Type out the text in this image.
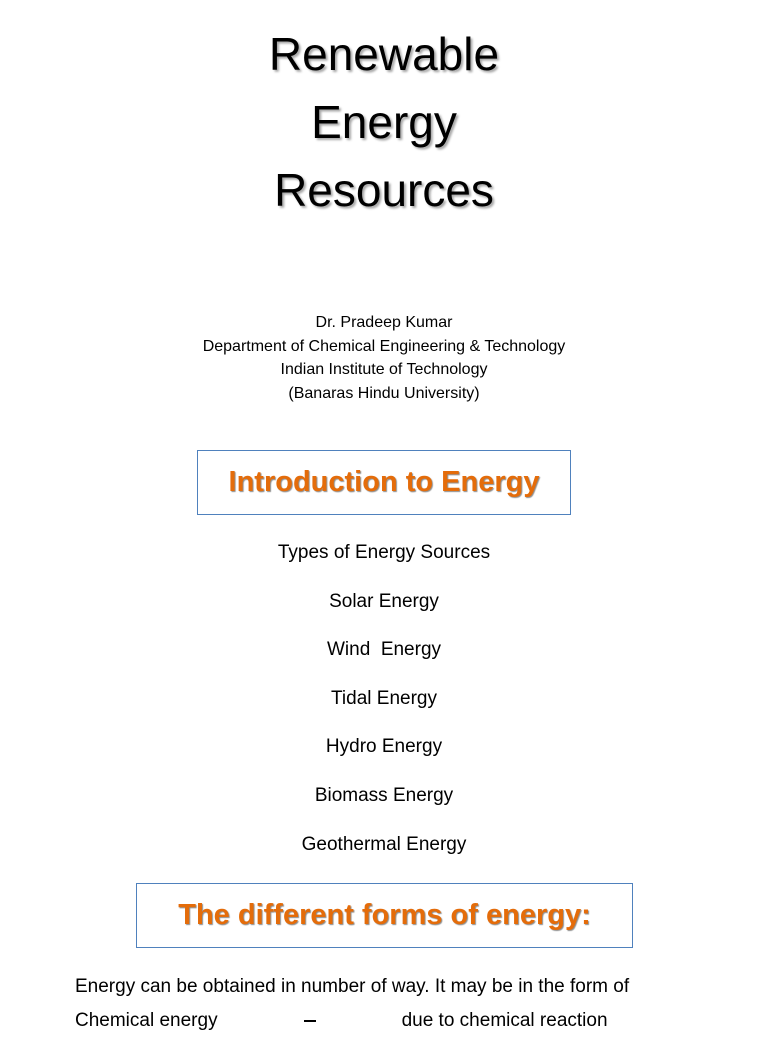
Renewable
Energy
Resources
Dr. Pradeep Kumar
Department of Chemical Engineering & Technology
Indian Institute of Technology
(Banaras Hindu University)
Introduction to Energy
Types of Energy Sources
Solar Energy
Wind  Energy
Tidal Energy
Hydro Energy
Biomass Energy
Geothermal Energy
The different forms of energy:
Energy can be obtained in number of way. It may be in the form of
Chemical energy	due to chemical reaction
